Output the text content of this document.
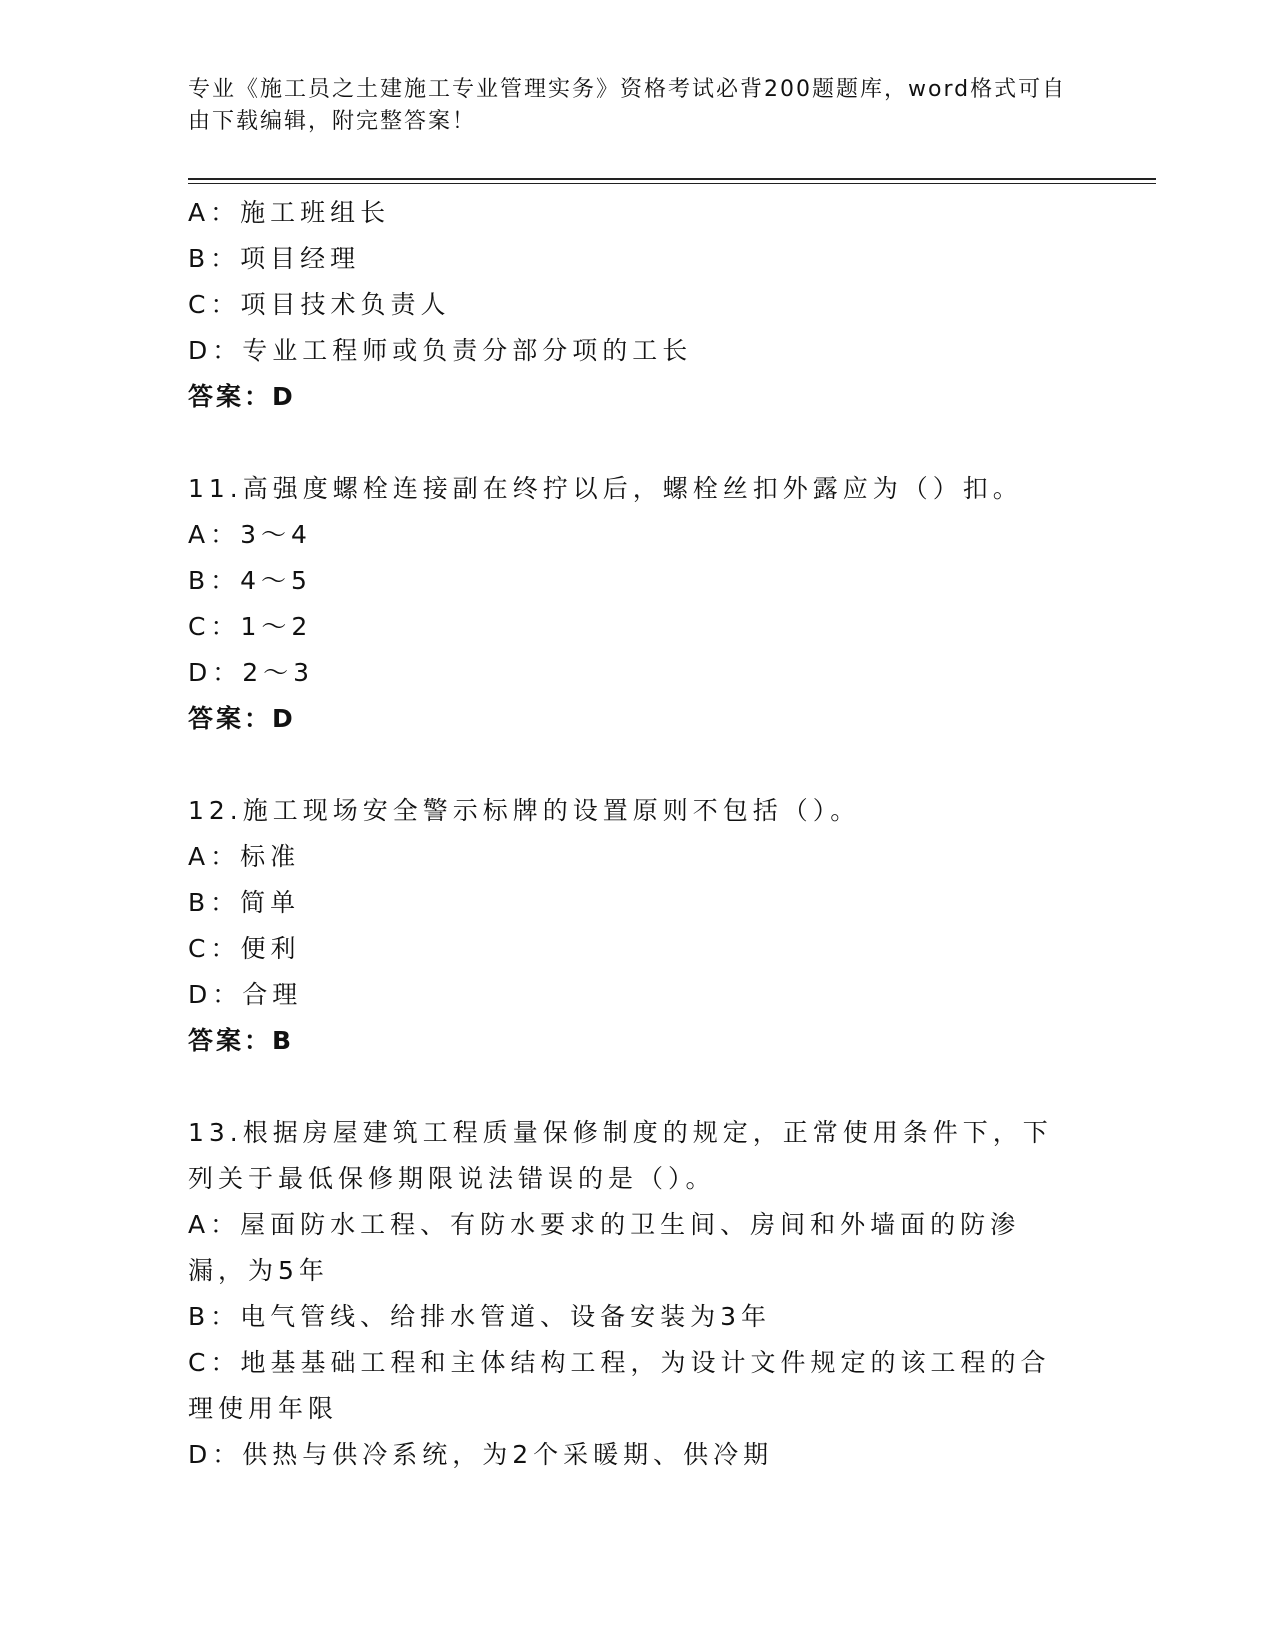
专业《施工员之土建施工专业管理实务》资格考试必背200题题库，word格式可自由下载编辑，附完整答案！
A：施工班组长
B：项目经理
C：项目技术负责人
D：专业工程师或负责分部分项的工长
答案：D
11.高强度螺栓连接副在终拧以后，螺栓丝扣外露应为（）扣。
A：3～4
B：4～5
C：1～2
D：2～3
答案：D
12.施工现场安全警示标牌的设置原则不包括（）。
A：标准
B：简单
C：便利
D：合理
答案：B
13.根据房屋建筑工程质量保修制度的规定，正常使用条件下，下列关于最低保修期限说法错误的是（）。
A：屋面防水工程、有防水要求的卫生间、房间和外墙面的防渗漏，为5年
B：电气管线、给排水管道、设备安装为3年
C：地基基础工程和主体结构工程，为设计文件规定的该工程的合理使用年限
D：供热与供冷系统，为2个采暖期、供冷期
